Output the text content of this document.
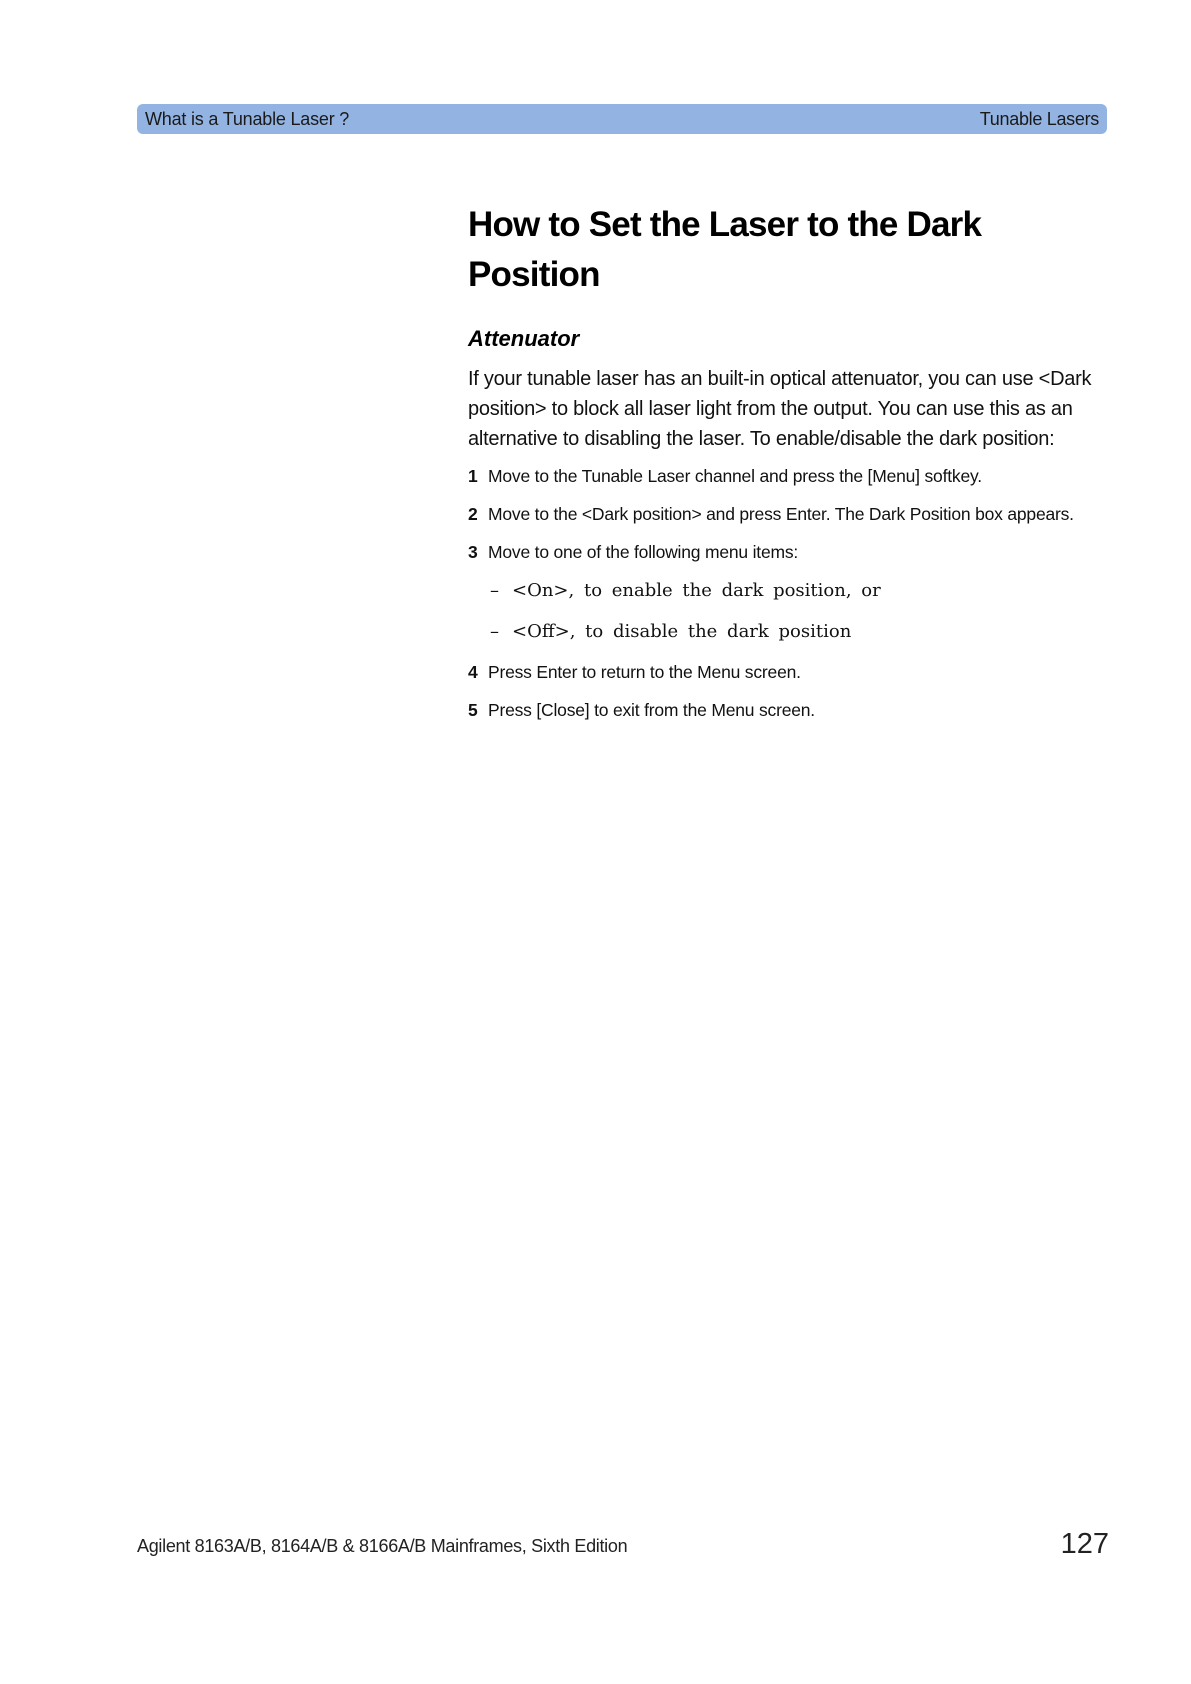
What is a Tunable Laser ?	Tunable Lasers
How to Set the Laser to the Dark Position
Attenuator

If your tunable laser has an built-in optical attenuator, you can use <Dark position> to block all laser light from the output. You can use this as an alternative to disabling the laser. To enable/disable the dark position:

1 Move to the Tunable Laser channel and press the [Menu] softkey.
2 Move to the <Dark position> and press Enter. The Dark Position box appears.
3 Move to one of the following menu items:
– <On>, to enable the dark position, or
– <Off>, to disable the dark position
4 Press Enter to return to the Menu screen.
5 Press [Close] to exit from the Menu screen.
Agilent 8163A/B, 8164A/B & 8166A/B Mainframes, Sixth Edition	127
